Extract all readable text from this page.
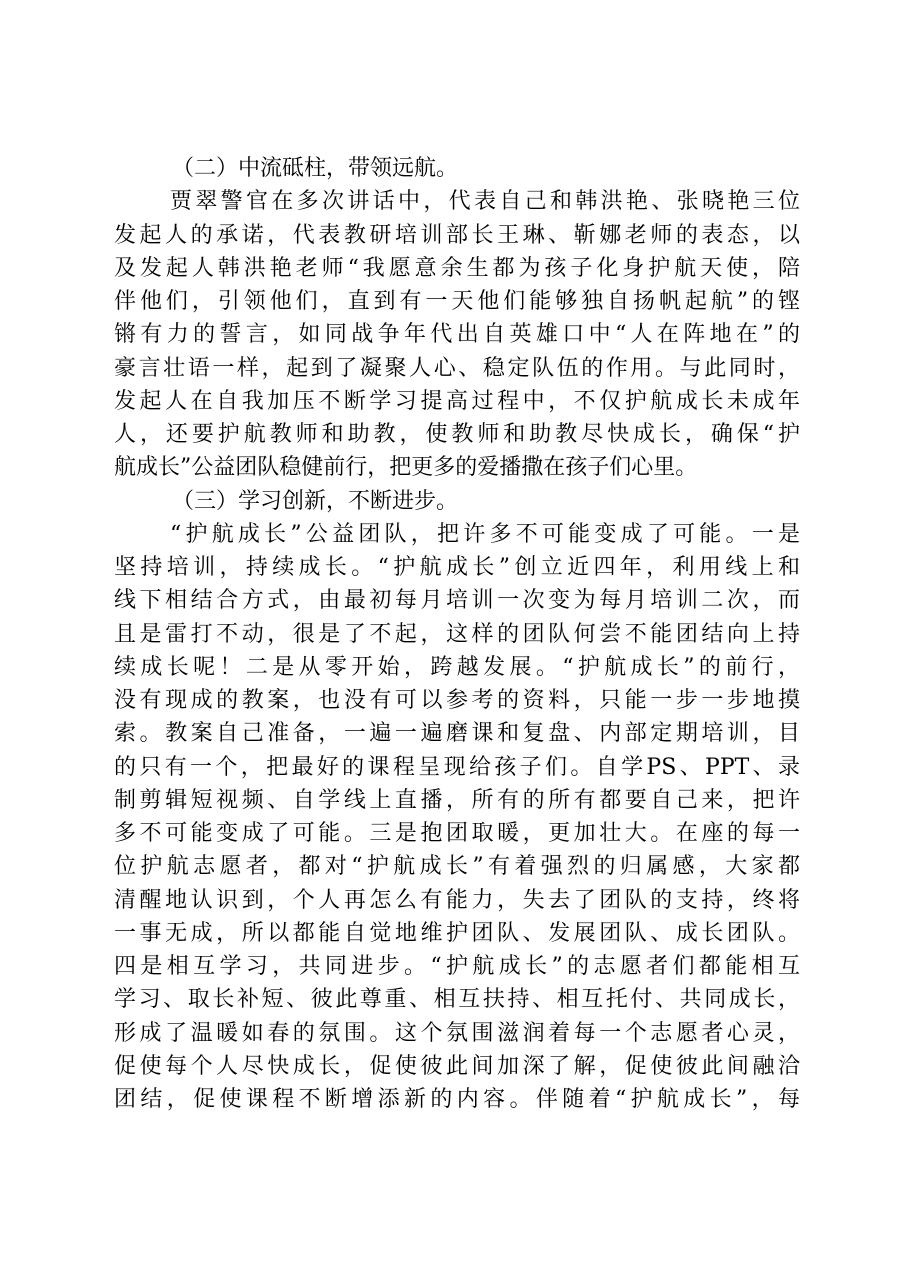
（二）中流砥柱，带领远航。
贾翠警官在多次讲话中，代表自己和韩洪艳、张晓艳三位
发起人的承诺，代表教研培训部长王琳、靳娜老师的表态，以
及发起人韩洪艳老师“我愿意余生都为孩子化身护航天使，陪
伴他们，引领他们，直到有一天他们能够独自扬帆起航”的铿
锵有力的誓言，如同战争年代出自英雄口中“人在阵地在”的
豪言壮语一样，起到了凝聚人心、稳定队伍的作用。与此同时，
发起人在自我加压不断学习提高过程中，不仅护航成长未成年
人，还要护航教师和助教，使教师和助教尽快成长，确保“护
航成长”公益团队稳健前行，把更多的爱播撒在孩子们心里。
（三）学习创新，不断进步。
“护航成长”公益团队，把许多不可能变成了可能。一是
坚持培训，持续成长。“护航成长”创立近四年，利用线上和
线下相结合方式，由最初每月培训一次变为每月培训二次，而
且是雷打不动，很是了不起，这样的团队何尝不能团结向上持
续成长呢！二是从零开始，跨越发展。“护航成长”的前行，
没有现成的教案，也没有可以参考的资料，只能一步一步地摸
索。教案自己准备，一遍一遍磨课和复盘、内部定期培训，目
的只有一个，把最好的课程呈现给孩子们。自学PS、PPT、录
制剪辑短视频、自学线上直播，所有的所有都要自己来，把许
多不可能变成了可能。三是抱团取暖，更加壮大。在座的每一
位护航志愿者，都对“护航成长”有着强烈的归属感，大家都
清醒地认识到，个人再怎么有能力，失去了团队的支持，终将
一事无成，所以都能自觉地维护团队、发展团队、成长团队。
四是相互学习，共同进步。“护航成长”的志愿者们都能相互
学习、取长补短、彼此尊重、相互扶持、相互托付、共同成长，
形成了温暖如春的氛围。这个氛围滋润着每一个志愿者心灵，
促使每个人尽快成长，促使彼此间加深了解，促使彼此间融洽
团结，促使课程不断增添新的内容。伴随着“护航成长”，每
